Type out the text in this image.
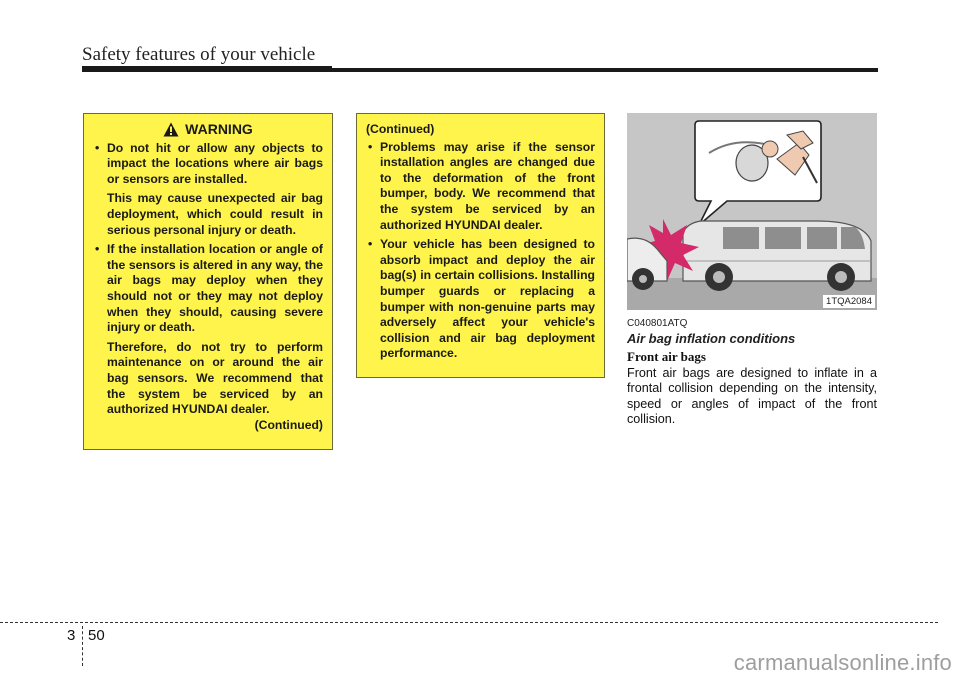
Safety features of your vehicle
WARNING
• Do not hit or allow any objects to impact the locations where air bags or sensors are installed.
This may cause unexpected air bag deployment, which could result in serious personal injury or death.
• If the installation location or angle of the sensors is altered in any way, the air bags may deploy when they should not or they may not deploy when they should, causing severe injury or death.
Therefore, do not try to perform maintenance on or around the air bag sensors. We recommend that the system be serviced by an authorized HYUNDAI dealer.
(Continued)
(Continued)
• Problems may arise if the sensor installation angles are changed due to the deformation of the front bumper, body. We recommend that the system be serviced by an authorized HYUNDAI dealer.
• Your vehicle has been designed to absorb impact and deploy the air bag(s) in certain collisions. Installing bumper guards or replacing a bumper with non-genuine parts may adversely affect your vehicle's collision and air bag deployment performance.
1TQA2084
C040801ATQ
Air bag inflation conditions
Front air bags
Front air bags are designed to inflate in a frontal collision depending on the intensity, speed or angles of impact of the front collision.
3 50
carmanualsonline.info
